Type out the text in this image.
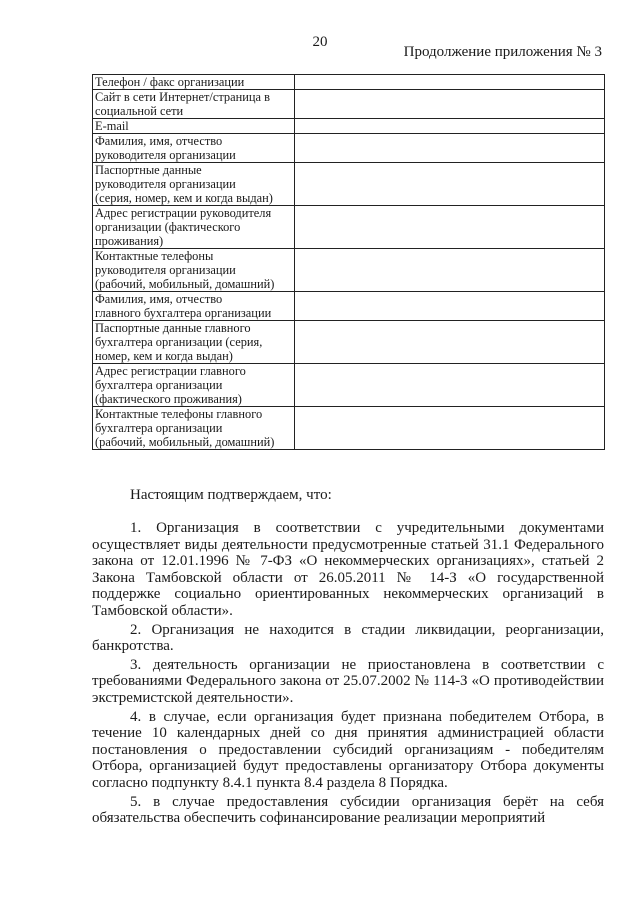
20
Продолжение приложения № 3
Телефон / факс организации	

Сайт в сети Интернет/страница в
социальной сети	

E-mail	

Фамилия, имя, отчество
руководителя организации	

Паспортные данные
руководителя организации
(серия, номер, кем и когда выдан)	

Адрес регистрации руководителя
организации (фактического
проживания)	

Контактные телефоны
руководителя организации
(рабочий, мобильный, домашний)	

Фамилия, имя, отчество
главного бухгалтера организации	

Паспортные данные главного
бухгалтера организации (серия,
номер, кем и когда выдан)	

Адрес регистрации главного
бухгалтера организации
(фактического проживания)	

Контактные телефоны главного
бухгалтера организации
(рабочий, мобильный, домашний)	

Настоящим подтверждаем, что:

1. Организация в соответствии с учредительными документами осуществляет виды деятельности предусмотренные статьей 31.1 Федерального закона от 12.01.1996 № 7-ФЗ «О некоммерческих организациях», статьей 2 Закона Тамбовской области от 26.05.2011 № 14-З «О государственной поддержке социально ориентированных некоммерческих организаций в Тамбовской области».

2. Организация не находится в стадии ликвидации, реорганизации, банкротства.

3. деятельность организации не приостановлена в соответствии с требованиями Федерального закона от 25.07.2002 № 114-З «О противодействии экстремистской деятельности».

4. в случае, если организация будет признана победителем Отбора, в течение 10 календарных дней со дня принятия администрацией области постановления о предоставлении субсидий организациям - победителям Отбора, организацией будут предоставлены организатору Отбора документы согласно подпункту 8.4.1 пункта 8.4 раздела 8 Порядка.

5. в случае предоставления субсидии организация берёт на себя обязательства обеспечить софинансирование реализации мероприятий
